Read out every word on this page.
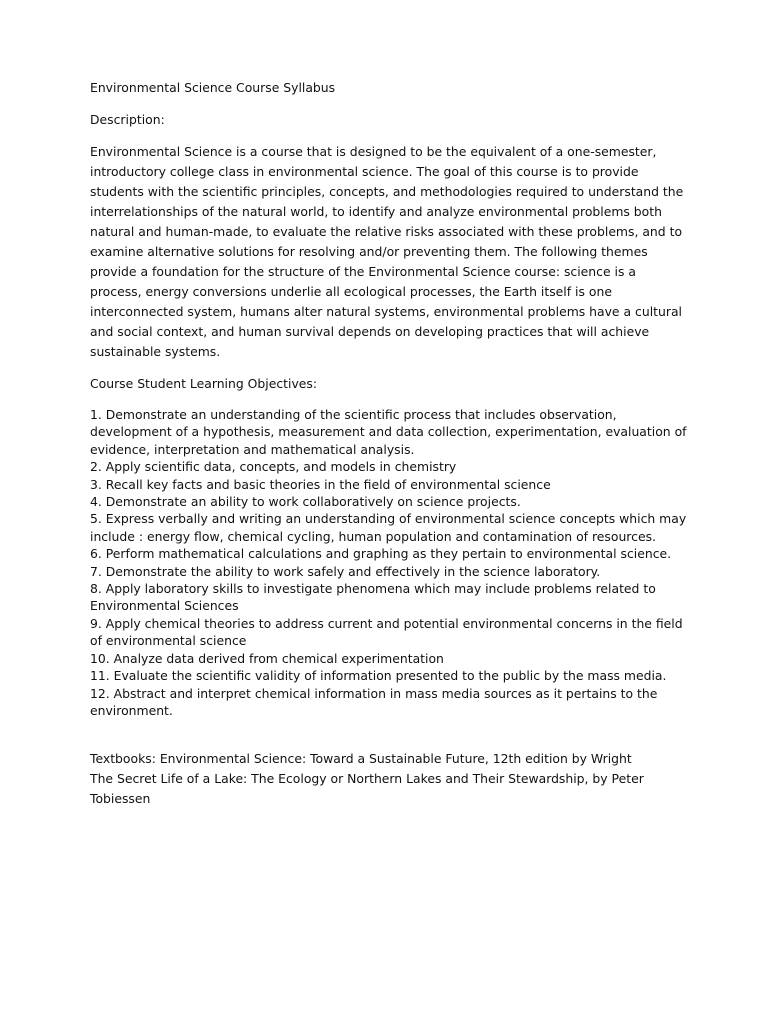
Environmental Science Course Syllabus
Description:
Environmental Science is a course that is designed to be the equivalent of a one-semester, introductory college class in environmental science. The goal of this course is to provide students with the scientific principles, concepts, and methodologies required to understand the interrelationships of the natural world, to identify and analyze environmental problems both natural and human-made, to evaluate the relative risks associated with these problems, and to examine alternative solutions for resolving and/or preventing them. The following themes provide a foundation for the structure of the Environmental Science course: science is a process, energy conversions underlie all ecological processes, the Earth itself is one interconnected system, humans alter natural systems, environmental problems have a cultural and social context, and human survival depends on developing practices that will achieve sustainable systems.
Course Student Learning Objectives:
1. Demonstrate an understanding of the scientific process that includes observation, development of a hypothesis, measurement and data collection, experimentation, evaluation of evidence, interpretation and mathematical analysis.
2. Apply scientific data, concepts, and models in chemistry
3. Recall key facts and basic theories in the field of environmental science
4. Demonstrate an ability to work collaboratively on science projects.
5. Express verbally and writing an understanding of environmental science concepts which may include : energy flow, chemical cycling, human population and contamination of resources.
6. Perform mathematical calculations and graphing as they pertain to environmental science.
7. Demonstrate the ability to work safely and effectively in the science laboratory.
8. Apply laboratory skills to investigate phenomena which may include problems related to Environmental Sciences
9. Apply chemical theories to address current and potential environmental concerns in the field of environmental science
10. Analyze data derived from chemical experimentation
11. Evaluate the scientific validity of information presented to the public by the mass media.
12. Abstract and interpret chemical information in mass media sources as it pertains to the environment.
Textbooks: Environmental Science: Toward a Sustainable Future, 12th edition by Wright
The Secret Life of a Lake: The Ecology or Northern Lakes and Their Stewardship, by Peter Tobiessen
